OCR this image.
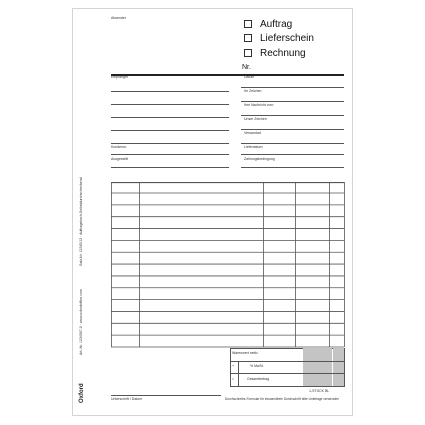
Absender
Auftrag
Lieferschein
Rechnung
Nr.
Empfänger	Datum
Ihr Zeichen
Ihre Nachricht vom
Unser Zeichen
Versandart
Kundennr.	Lieferdatum
Ausgestellt	Zahlungsbedingung
Warenwert netto
+	% MwSt.
=	Gesamtbetrag
1-STÜCK BL
Unterschrift / Datum	Durchschreibe-Formular für einwandfreie Durchschrift bitte Unterlage verwenden
Oxford
Art.-Nr. 1234567-0 · www.oxfordoffice.com
Satz-Nr. 12345/12 · Auftragsbuch-Selbstdurchschreibend
